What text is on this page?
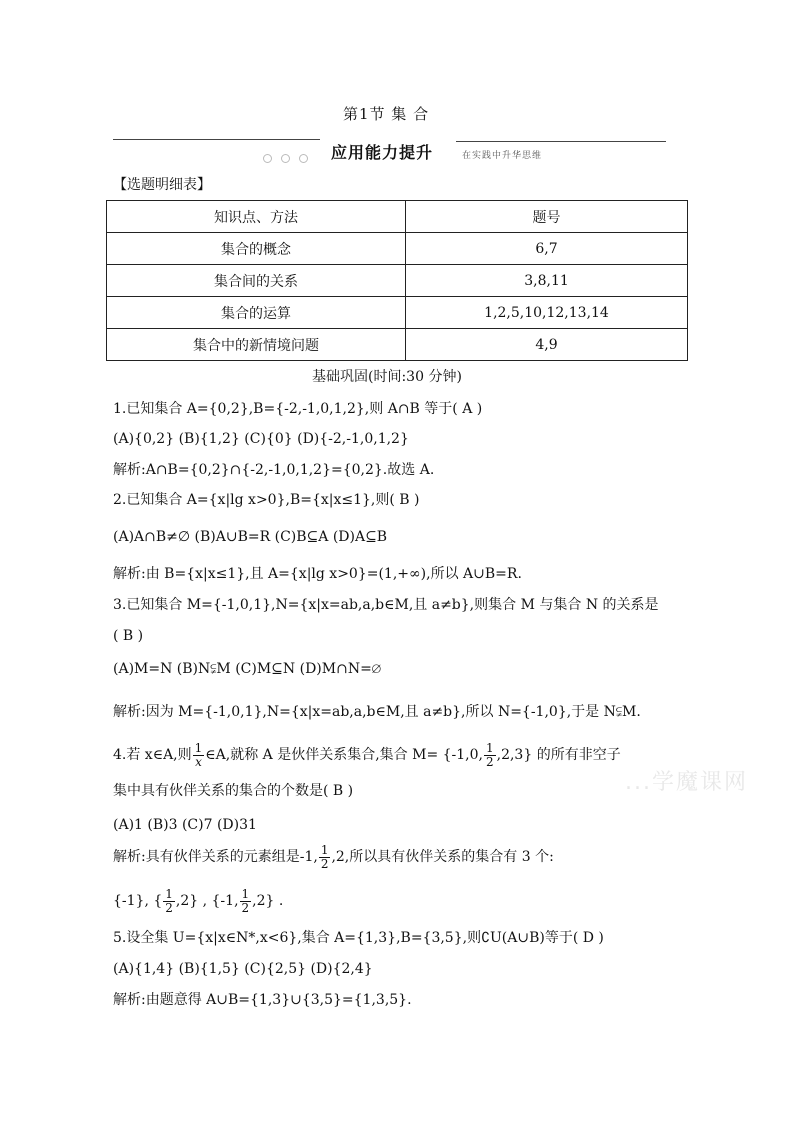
第1节 集 合
应用能力提升	在实践中升华思维
【选题明细表】
知识点、方法	题号
集合的概念	6,7
集合间的关系	3,8,11
集合的运算	1,2,5,10,12,13,14
集合中的新情境问题	4,9
基础巩固(时间:30 分钟)
1.已知集合 A={0,2},B={-2,-1,0,1,2},则 A∩B 等于( A )
(A){0,2} (B){1,2} (C){0} (D){-2,-1,0,1,2}
解析:A∩B={0,2}∩{-2,-1,0,1,2}={0,2}.故选 A.
2.已知集合 A={x|lg x>0},B={x|x≤1},则( B )
(A)A∩B≠∅ (B)A∪B=R (C)B⊆A (D)A⊆B
解析:由 B={x|x≤1},且 A={x|lg x>0}=(1,+∞),所以 A∪B=R.
3.已知集合 M={-1,0,1},N={x|x=ab,a,b∈M,且 a≠b},则集合 M 与集合 N 的关系是
( B )
(A)M=N (B)N⫋M (C)M⊆N (D)M∩N=∅
解析:因为 M={-1,0,1},N={x|x=ab,a,b∈M,且 a≠b},所以 N={-1,0},于是 N⫋M.
4.若 x∈A,则 $\frac{1}{x}$ ∈A,就称 A 是伙伴关系集合,集合 M= {-1,0, $\frac{1}{2} ,2,3$} 的所有非空子
集中具有伙伴关系的集合的个数是( B )
(A)1 (B)3 (C)7 (D)31
解析:具有伙伴关系的元素组是-1, $\frac{1}{2} ,2$,所以具有伙伴关系的集合有 3 个:
{-1}, { $\frac{1}{2} ,2$} , {-1, $\frac{1}{2} ,2$} .
5.设全集 U={x|x∈N*,x<6},集合 A={1,3},B={3,5},则∁U(A∪B)等于( D )
(A){1,4} (B){1,5} (C){2,5} (D){2,4}
解析:由题意得 A∪B={1,3}∪{3,5}={1,3,5}.
...学魔课网
